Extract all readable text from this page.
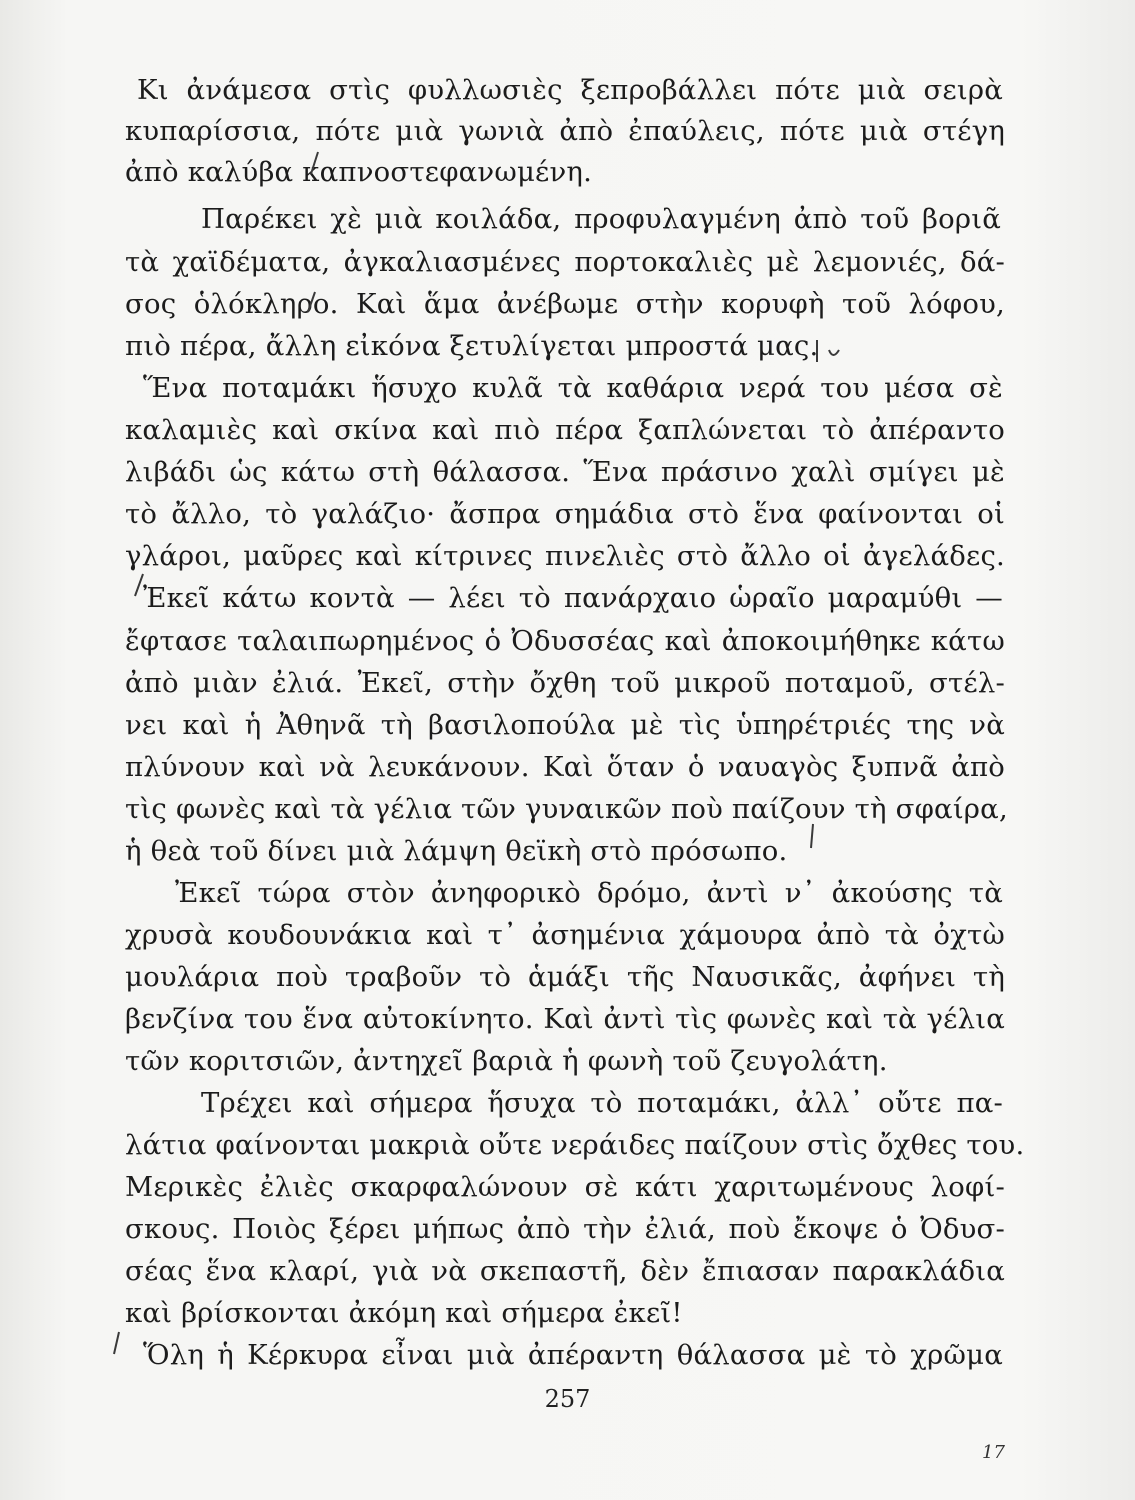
Κι ἀνάμεσα στὶς φυλλωσιὲς ξεπροβάλλει πότε μιὰ σειρὰ
κυπαρίσσια, πότε μιὰ γωνιὰ ἀπὸ ἐπαύλεις, πότε μιὰ στέγη
ἀπὸ καλύβα καπνοστεφανωμένη.
Παρέκει χὲ μιὰ κοιλάδα, προφυλαγμένη ἀπὸ τοῦ βοριᾶ
τὰ χαϊδέματα, ἀγκαλιασμένες πορτοκαλιὲς μὲ λεμονιές, δά-
σος ὁλόκληρο. Καὶ ἅμα ἀνέβωμε στὴν κορυφὴ τοῦ λόφου,
πιὸ πέρα, ἄλλη εἰκόνα ξετυλίγεται μπροστά μας.
Ἕνα ποταμάκι ἥσυχο κυλᾶ τὰ καθάρια νερά του μέσα σὲ
καλαμιὲς καὶ σκίνα καὶ πιὸ πέρα ξαπλώνεται τὸ ἀπέραντο
λιβάδι ὡς κάτω στὴ θάλασσα. Ἕνα πράσινο χαλὶ σμίγει μὲ
τὸ ἄλλο, τὸ γαλάζιο· ἄσπρα σημάδια στὸ ἕνα φαίνονται οἱ
γλάροι, μαῦρες καὶ κίτρινες πινελιὲς στὸ ἄλλο οἱ ἀγελάδες.
Ἐκεῖ κάτω κοντὰ — λέει τὸ πανάρχαιο ὡραῖο μαραμύθι —
ἔφτασε ταλαιπωρημένος ὁ Ὀδυσσέας καὶ ἀποκοιμήθηκε κάτω
ἀπὸ μιὰν ἐλιά. Ἐκεῖ, στὴν ὄχθη τοῦ μικροῦ ποταμοῦ, στέλ-
νει καὶ ἡ Ἀθηνᾶ τὴ βασιλοπούλα μὲ τὶς ὑπηρέτριές της νὰ
πλύνουν καὶ νὰ λευκάνουν. Καὶ ὅταν ὁ ναυαγὸς ξυπνᾶ ἀπὸ
τὶς φωνὲς καὶ τὰ γέλια τῶν γυναικῶν ποὺ παίζουν τὴ σφαίρα,
ἡ θεὰ τοῦ δίνει μιὰ λάμψη θεϊκὴ στὸ πρόσωπο.
Ἐκεῖ τώρα στὸν ἀνηφορικὸ δρόμο, ἀντὶ ν᾽ ἀκούσης τὰ
χρυσὰ κουδουνάκια καὶ τ᾽ ἀσημένια χάμουρα ἀπὸ τὰ ὀχτὼ
μουλάρια ποὺ τραβοῦν τὸ ἁμάξι τῆς Ναυσικᾶς, ἀφήνει τὴ
βενζίνα του ἕνα αὐτοκίνητο. Καὶ ἀντὶ τὶς φωνὲς καὶ τὰ γέλια
τῶν κοριτσιῶν, ἀντηχεῖ βαριὰ ἡ φωνὴ τοῦ ζευγολάτη.
Τρέχει καὶ σήμερα ἥσυχα τὸ ποταμάκι, ἀλλ᾽ οὔτε πα-
λάτια φαίνονται μακριὰ οὔτε νεράιδες παίζουν στὶς ὄχθες του.
Μερικὲς ἐλιὲς σκαρφαλώνουν σὲ κάτι χαριτωμένους λοφί-
σκους. Ποιὸς ξέρει μήπως ἀπὸ τὴν ἐλιά, ποὺ ἔκοψε ὁ Ὀδυσ-
σέας ἕνα κλαρί, γιὰ νὰ σκεπαστῆ, δὲν ἔπιασαν παρακλάδια
καὶ βρίσκονται ἀκόμη καὶ σήμερα ἐκεῖ!
Ὅλη ἡ Κέρκυρα εἶναι μιὰ ἀπέραντη θάλασσα μὲ τὸ χρῶμα
257
17
